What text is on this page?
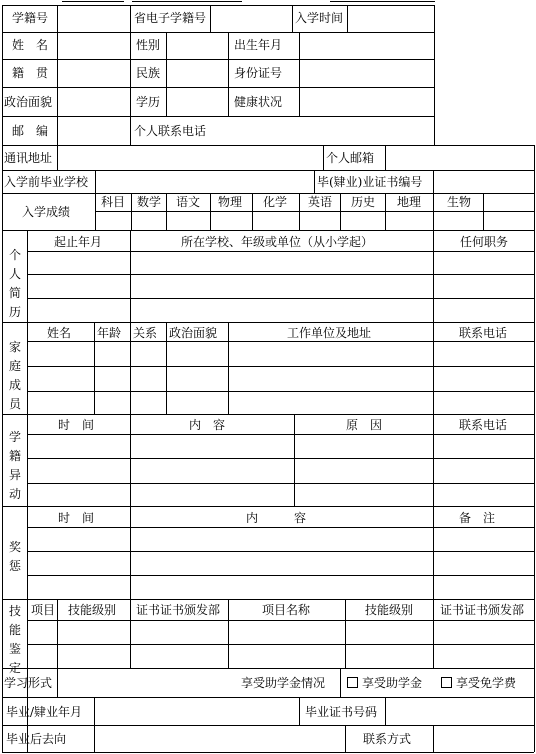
学籍号	省电子学籍号	入学时间
姓　名	性别	出生年月
籍　贯	民族	身份证号
政治面貌	学历	健康状况
邮　编	个人联系电话
通讯地址	个人邮箱
入学前毕业学校	毕(肄业)业证书编号
入学成绩
科目 数学 语文 物理 化学 英语 历史 地理 生物
个人简历
起止年月	所在学校、年级或单位（从小学起）	任何职务
家庭成员
姓名 年龄 关系 政治面貌	工作单位及地址	联系电话
学籍异动
时　间	内　容	原　因	联系电话
奖惩
时　间	内　　　容	备　注
技能鉴定
项目 技能级别 证书证书颁发部	项目名称	技能级别 证书证书颁发部
学习形式	享受助学金情况	享受助学金	享受免学费
毕业/肄业年月	毕业证书号码
毕业后去向	联系方式
